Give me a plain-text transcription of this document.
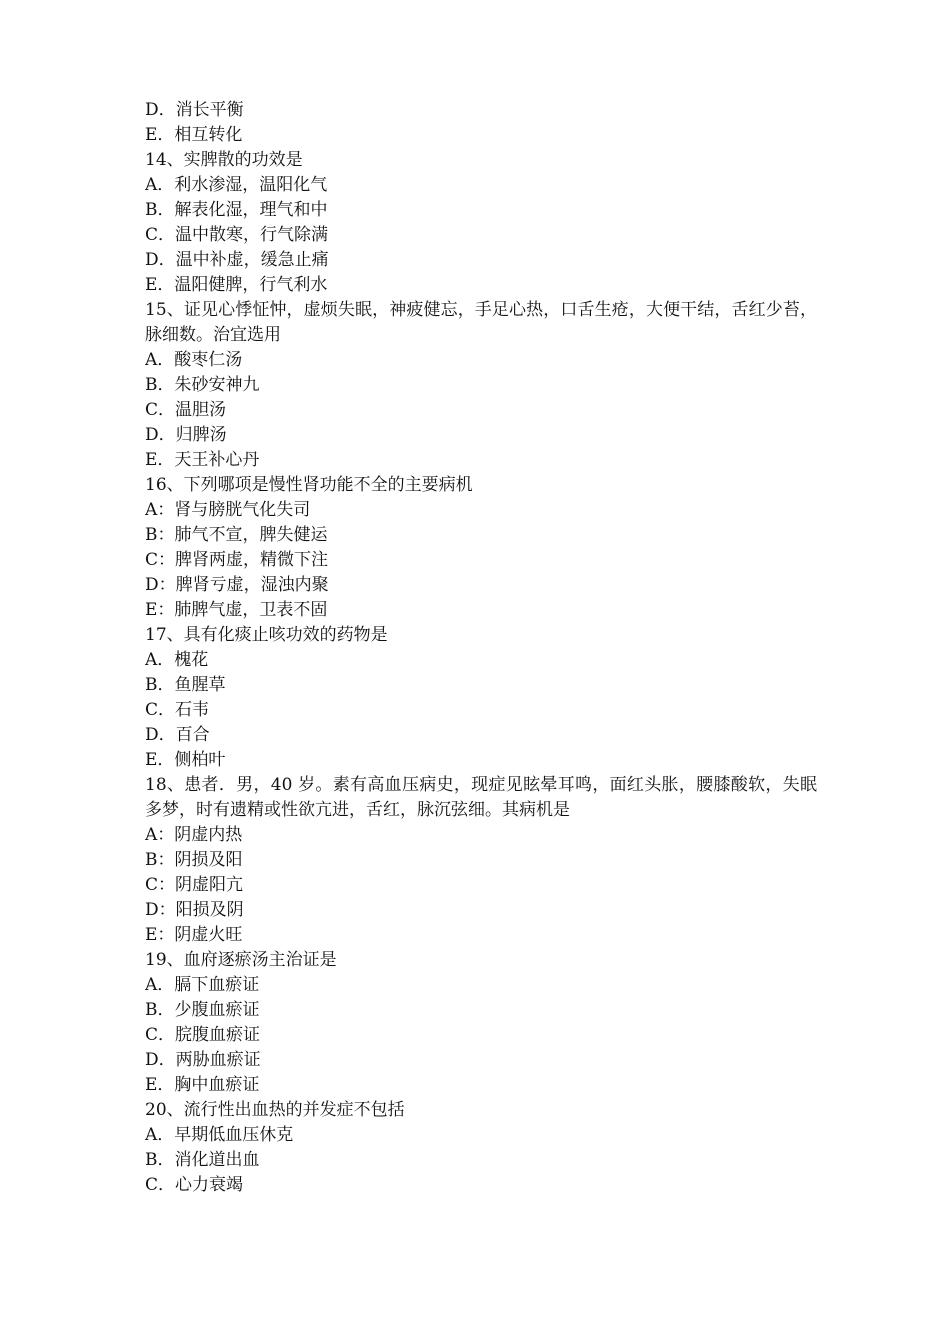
D．消长平衡
E．相互转化
14、实脾散的功效是
A．利水渗湿，温阳化气
B．解表化湿，理气和中
C．温中散寒，行气除满
D．温中补虚，缓急止痛
E．温阳健脾，行气利水
15、证见心悸怔忡，虚烦失眠，神疲健忘，手足心热，口舌生疮，大便干结，舌红少苔，脉细数。治宜选用
A．酸枣仁汤
B．朱砂安神九
C．温胆汤
D．归脾汤
E．天王补心丹
16、下列哪项是慢性肾功能不全的主要病机
A：肾与膀胱气化失司
B：肺气不宣，脾失健运
C：脾肾两虚，精微下注
D：脾肾亏虚，湿浊内聚
E：肺脾气虚，卫表不固
17、具有化痰止咳功效的药物是
A．槐花
B．鱼腥草
C．石韦
D．百合
E．侧柏叶
18、患者．男，40 岁。素有高血压病史，现症见眩晕耳鸣，面红头胀，腰膝酸软，失眠多梦，时有遗精或性欲亢进，舌红，脉沉弦细。其病机是
A：阴虚内热
B：阴损及阳
C：阴虚阳亢
D：阳损及阴
E：阴虚火旺
19、血府逐瘀汤主治证是
A．膈下血瘀证
B．少腹血瘀证
C．脘腹血瘀证
D．两胁血瘀证
E．胸中血瘀证
20、流行性出血热的并发症不包括
A．早期低血压休克
B．消化道出血
C．心力衰竭
